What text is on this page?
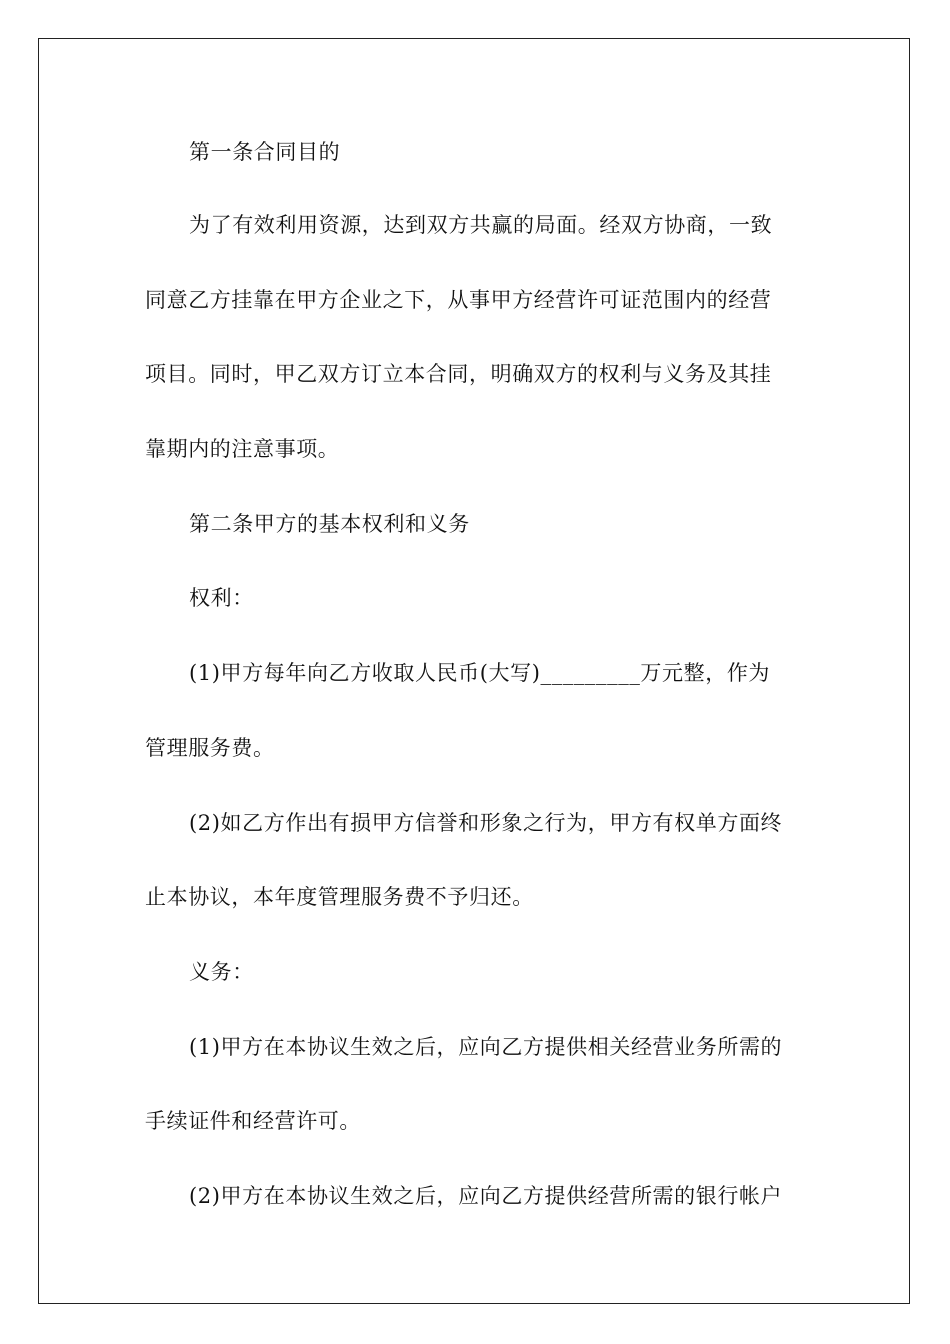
第一条合同目的
为了有效利用资源，达到双方共赢的局面。经双方协商，一致
同意乙方挂靠在甲方企业之下，从事甲方经营许可证范围内的经营
项目。同时，甲乙双方订立本合同，明确双方的权利与义务及其挂
靠期内的注意事项。
第二条甲方的基本权利和义务
权利：
(1)甲方每年向乙方收取人民币(大写)_________万元整，作为
管理服务费。
(2)如乙方作出有损甲方信誉和形象之行为，甲方有权单方面终
止本协议，本年度管理服务费不予归还。
义务：
(1)甲方在本协议生效之后，应向乙方提供相关经营业务所需的
手续证件和经营许可。
(2)甲方在本协议生效之后，应向乙方提供经营所需的银行帐户
